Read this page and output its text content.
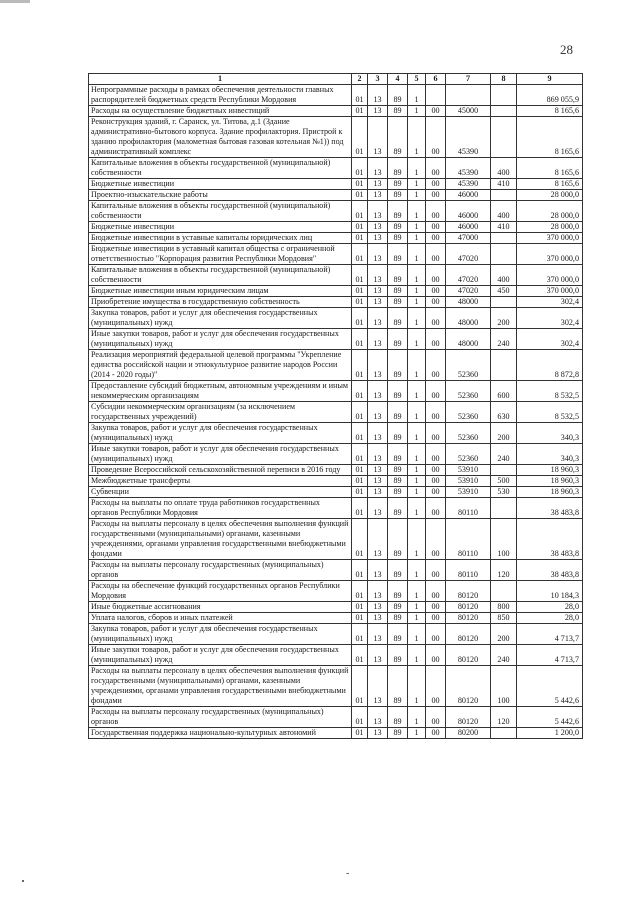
28
1	2	3	4	5	6	7	8	9
Непрограммные расходы в рамках обеспечения деятельности главных распорядителей бюджетных средств Республики Мордовия	01	13	89	1				869 055,9
Расходы на осуществление бюджетных инвестиций	01	13	89	1	00	45000		8 165,6
Реконструкция зданий, г. Саранск, ул. Титова, д.1 (Здание административно-бытового корпуса. Здание профилактория. Пристрой к зданию профилактория (малометная бытовая газовая котельная №1)) под административный комплекс	01	13	89	1	00	45390		8 165,6
Капитальные вложения в объекты государственной (муниципальной) собственности	01	13	89	1	00	45390	400	8 165,6
Бюджетные инвестиции	01	13	89	1	00	45390	410	8 165,6
Проектно-изыскательские работы	01	13	89	1	00	46000		28 000,0
Капитальные вложения в объекты государственной (муниципальной) собственности	01	13	89	1	00	46000	400	28 000,0
Бюджетные инвестиции	01	13	89	1	00	46000	410	28 000,0
Бюджетные инвестиции в уставные капиталы юридических лиц	01	13	89	1	00	47000		370 000,0
Бюджетные инвестиции в уставный капитал общества с ограниченной ответственностью "Корпорация развития Республики Мордовия"	01	13	89	1	00	47020		370 000,0
Капитальные вложения в объекты государственной (муниципальной) собственности	01	13	89	1	00	47020	400	370 000,0
Бюджетные инвестиции иным юридическим лицам	01	13	89	1	00	47020	450	370 000,0
Приобретение имущества в государственную собственность	01	13	89	1	00	48000		302,4
Закупка товаров, работ и услуг для обеспечения государственных (муниципальных) нужд	01	13	89	1	00	48000	200	302,4
Иные закупки товаров, работ и услуг для обеспечения государственных (муниципальных) нужд	01	13	89	1	00	48000	240	302,4
Реализация мероприятий федеральной целевой программы "Укрепление единства российской нации и этнокультурное развитие народов России (2014 - 2020 годы)"	01	13	89	1	00	52360		8 872,8
Предоставление субсидий бюджетным, автономным учреждениям и иным некоммерческим организациям	01	13	89	1	00	52360	600	8 532,5
Субсидии некоммерческим организациям (за исключением государственных учреждений)	01	13	89	1	00	52360	630	8 532,5
Закупка товаров, работ и услуг для обеспечения государственных (муниципальных) нужд	01	13	89	1	00	52360	200	340,3
Иные закупки товаров, работ и услуг для обеспечения государственных (муниципальных) нужд	01	13	89	1	00	52360	240	340,3
Проведение Всероссийской сельскохозяйственной переписи в 2016 году	01	13	89	1	00	53910		18 960,3
Межбюджетные трансферты	01	13	89	1	00	53910	500	18 960,3
Субвенции	01	13	89	1	00	53910	530	18 960,3
Расходы на выплаты по оплате труда работников государственных органов Республики Мордовия	01	13	89	1	00	80110		38 483,8
Расходы на выплаты персоналу в целях обеспечения выполнения функций государственными (муниципальными) органами, казенными учреждениями, органами управления государственными внебюджетными фондами	01	13	89	1	00	80110	100	38 483,8
Расходы на выплаты персоналу государственных (муниципальных) органов	01	13	89	1	00	80110	120	38 483,8
Расходы на обеспечение функций государственных органов Республики Мордовия	01	13	89	1	00	80120		10 184,3
Иные бюджетные ассигнования	01	13	89	1	00	80120	800	28,0
Уплата налогов, сборов и иных платежей	01	13	89	1	00	80120	850	28,0
Закупка товаров, работ и услуг для обеспечения государственных (муниципальных) нужд	01	13	89	1	00	80120	200	4 713,7
Иные закупки товаров, работ и услуг для обеспечения государственных (муниципальных) нужд	01	13	89	1	00	80120	240	4 713,7
Расходы на выплаты персоналу в целях обеспечения выполнения функций государственными (муниципальными) органами, казенными учреждениями, органами управления государственными внебюджетными фондами	01	13	89	1	00	80120	100	5 442,6
Расходы на выплаты персоналу государственных (муниципальных) органов	01	13	89	1	00	80120	120	5 442,6
Государственная поддержка национально-культурных автономий	01	13	89	1	00	80200		1 200,0
-
